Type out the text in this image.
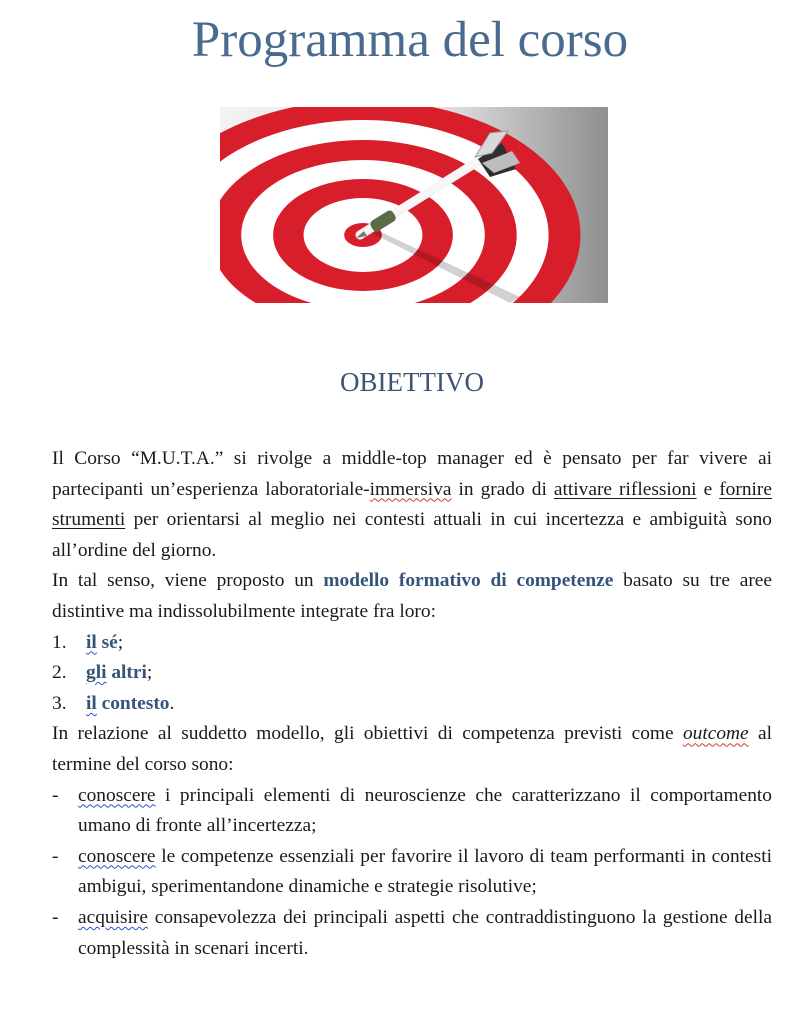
Programma del corso
OBIETTIVO

Il Corso “M.U.T.A.” si rivolge a middle-top manager ed è pensato per far vivere ai partecipanti un’esperienza laboratoriale-immersiva in grado di attivare riflessioni e fornire strumenti per orientarsi al meglio nei contesti attuali in cui incertezza e ambiguità sono all’ordine del giorno.

In tal senso, viene proposto un modello formativo di competenze basato su tre aree distintive ma indissolubilmente integrate fra loro:

1. il sé;
2. gli altri;
3. il contesto.

In relazione al suddetto modello, gli obiettivi di competenza previsti come outcome al termine del corso sono:

- conoscere i principali elementi di neuroscienze che caratterizzano il comportamento umano di fronte all’incertezza;
- conoscere le competenze essenziali per favorire il lavoro di team performanti in contesti ambigui, sperimentandone dinamiche e strategie risolutive;
- acquisire consapevolezza dei principali aspetti che contraddistinguono la gestione della complessità in scenari incerti.
